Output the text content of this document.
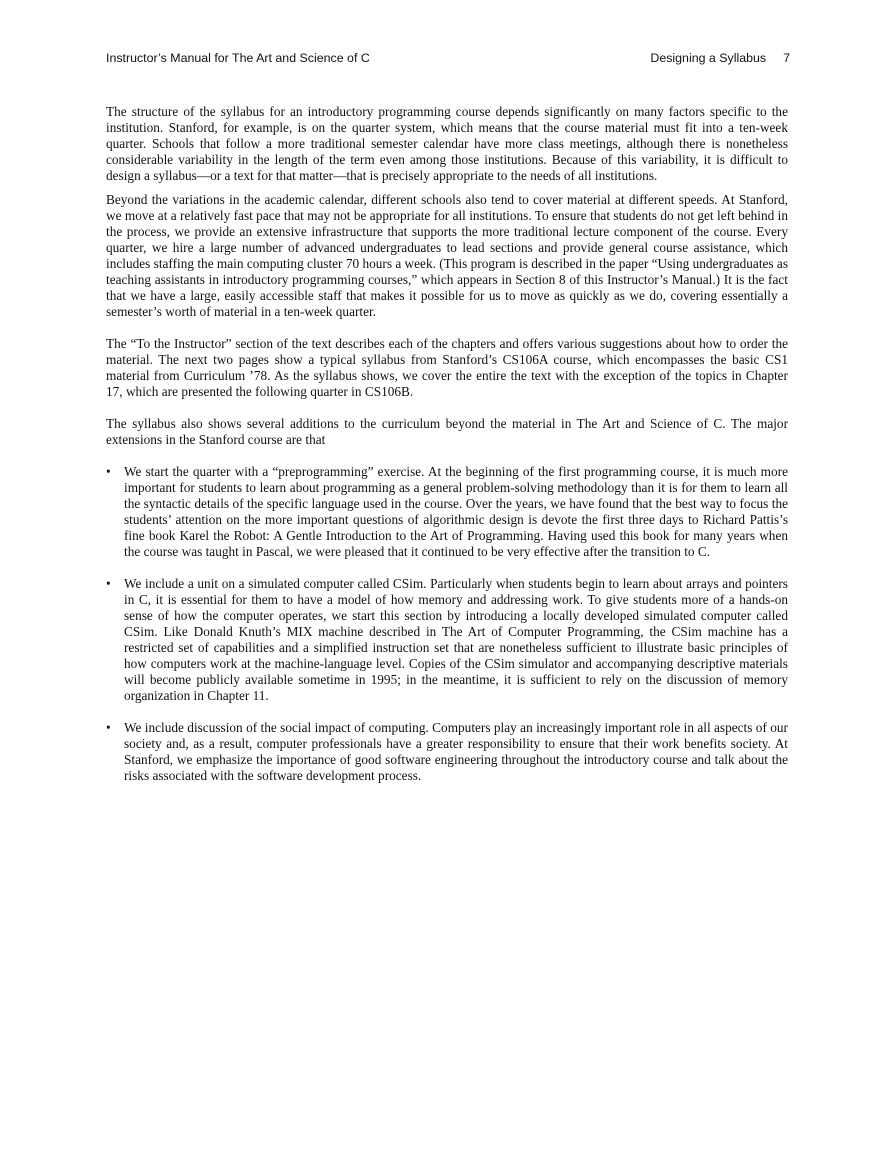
Instructor’s Manual for The Art and Science of C	Designing a Syllabus 7

The structure of the syllabus for an introductory programming course depends significantly on many factors specific to the institution. Stanford, for example, is on the quarter system, which means that the course material must fit into a ten-week quarter. Schools that follow a more traditional semester calendar have more class meetings, although there is nonetheless considerable variability in the length of the term even among those institutions. Because of this variability, it is difficult to design a syllabus—or a text for that matter—that is precisely appropriate to the needs of all institutions.

Beyond the variations in the academic calendar, different schools also tend to cover material at different speeds. At Stanford, we move at a relatively fast pace that may not be appropriate for all institutions. To ensure that students do not get left behind in the process, we provide an extensive infrastructure that supports the more traditional lecture component of the course. Every quarter, we hire a large number of advanced undergraduates to lead sections and provide general course assistance, which includes staffing the main computing cluster 70 hours a week. (This program is described in the paper “Using undergraduates as teaching assistants in introductory programming courses,” which appears in Section 8 of this Instructor’s Manual.) It is the fact that we have a large, easily accessible staff that makes it possible for us to move as quickly as we do, covering essentially a semester’s worth of material in a ten-week quarter.

The “To the Instructor” section of the text describes each of the chapters and offers various suggestions about how to order the material. The next two pages show a typical syllabus from Stanford’s CS106A course, which encompasses the basic CS1 material from Curriculum ’78. As the syllabus shows, we cover the entire the text with the exception of the topics in Chapter 17, which are presented the following quarter in CS106B.

The syllabus also shows several additions to the curriculum beyond the material in The Art and Science of C. The major extensions in the Stanford course are that

• We start the quarter with a “preprogramming” exercise. At the beginning of the first programming course, it is much more important for students to learn about programming as a general problem-solving methodology than it is for them to learn all the syntactic details of the specific language used in the course. Over the years, we have found that the best way to focus the students’ attention on the more important questions of algorithmic design is devote the first three days to Richard Pattis’s fine book Karel the Robot: A Gentle Introduction to the Art of Programming. Having used this book for many years when the course was taught in Pascal, we were pleased that it continued to be very effective after the transition to C.
• We include a unit on a simulated computer called CSim. Particularly when students begin to learn about arrays and pointers in C, it is essential for them to have a model of how memory and addressing work. To give students more of a hands-on sense of how the computer operates, we start this section by introducing a locally developed simulated computer called CSim. Like Donald Knuth’s MIX machine described in The Art of Computer Programming, the CSim machine has a restricted set of capabilities and a simplified instruction set that are nonetheless sufficient to illustrate basic principles of how computers work at the machine-language level. Copies of the CSim simulator and accompanying descriptive materials will become publicly available sometime in 1995; in the meantime, it is sufficient to rely on the discussion of memory organization in Chapter 11.
• We include discussion of the social impact of computing. Computers play an increasingly important role in all aspects of our society and, as a result, computer professionals have a greater responsibility to ensure that their work benefits society. At Stanford, we emphasize the importance of good software engineering throughout the introductory course and talk about the risks associated with the software development process.
